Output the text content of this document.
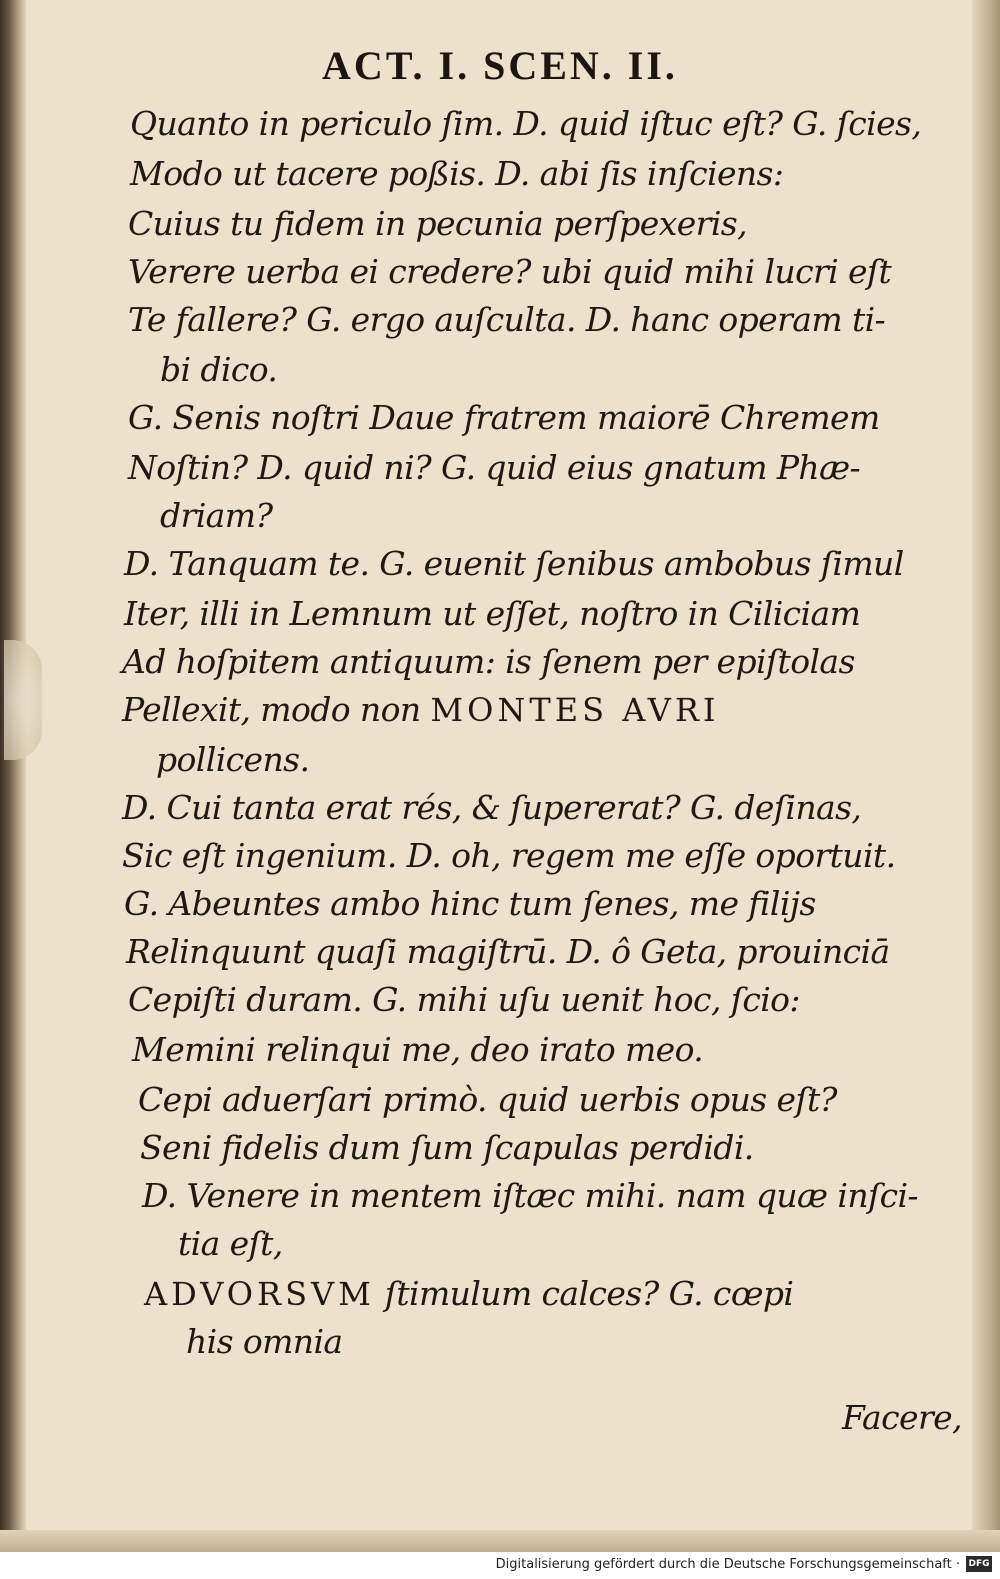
ACT. I. SCEN. II.
Quanto in periculo ſim. D. quid iſtuc eſt? G. ſcies,
Modo ut tacere poßis. D. abi ſis inſciens:
Cuius tu fidem in pecunia perſpexeris,
Verere uerba ei credere? ubi quid mihi lucri eſt
Te fallere? G. ergo auſculta. D. hanc operam ti-
bi dico.
G. Senis noſtri Daue fratrem maiorē Chremem
Noſtin? D. quid ni? G. quid eius gnatum Phæ-
driam?
D. Tanquam te. G. euenit ſenibus ambobus ſimul
Iter, illi in Lemnum ut eſſet, noſtro in Ciliciam
Ad hoſpitem antiquum: is ſenem per epiſtolas
Pellexit, modo non MONTES AVRI
pollicens.
D. Cui tanta erat rés, & ſupererat? G. deſinas,
Sic eſt ingenium. D. oh, regem me eſſe oportuit.
G. Abeuntes ambo hinc tum ſenes, me filijs
Relinquunt quaſi magiſtrū. D. ô Geta, prouinciā
Cepiſti duram. G. mihi uſu uenit hoc, ſcio:
Memini relinqui me, deo irato meo.
Cepi aduerſari primò. quid uerbis opus eſt?
Seni fidelis dum ſum ſcapulas perdidi.
D. Venere in mentem iſtæc mihi. nam quæ inſci-
tia eſt,
ADVORSVM ſtimulum calces? G. cœpi
his omnia
Facere,
Digitalisierung gefördert durch die Deutsche Forschungsgemeinschaft · DFG
